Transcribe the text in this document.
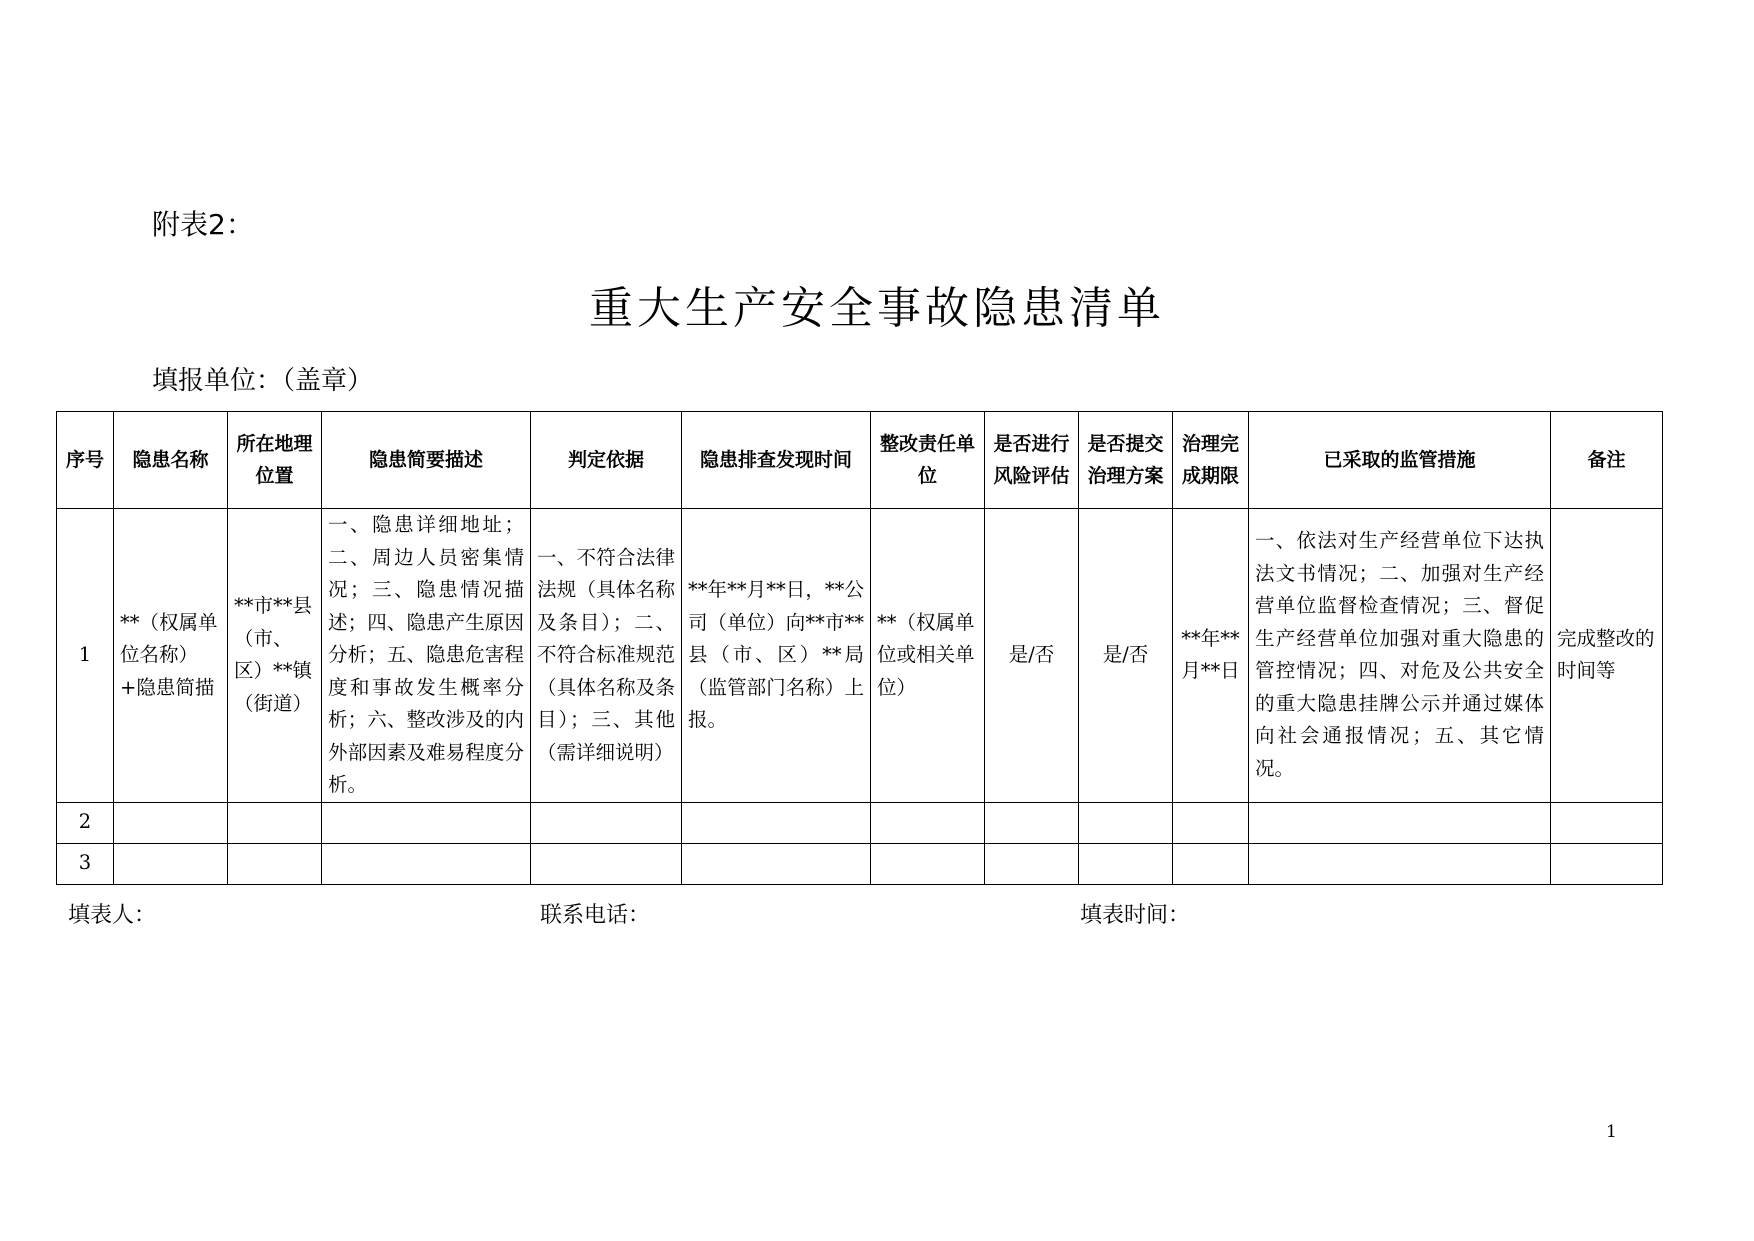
附表2：
重大生产安全事故隐患清单
填报单位：（盖章）
序号	隐患名称	所在地理位置	隐患简要描述	判定依据	隐患排查发现时间	整改责任单位	是否进行风险评估	是否提交治理方案	治理完成期限	已采取的监管措施	备注
1	**（权属单位名称）+隐患简描	**市**县（市、区）**镇（街道）	一、隐患详细地址；二、周边人员密集情况；三、隐患情况描述；四、隐患产生原因分析；五、隐患危害程度和事故发生概率分析；六、整改涉及的内外部因素及难易程度分析。	一、不符合法律法规（具体名称及条目）；二、不符合标准规范（具体名称及条目）；三、其他（需详细说明）	**年**月**日，**公司（单位）向**市**县（市、区）**局（监管部门名称）上报。	**（权属单位或相关单位）	是/否	是/否	**年**月**日	一、依法对生产经营单位下达执法文书情况；二、加强对生产经营单位监督检查情况；三、督促生产经营单位加强对重大隐患的管控情况；四、对危及公共安全的重大隐患挂牌公示并通过媒体向社会通报情况；五、其它情况。	完成整改的时间等
2											
3											
填表人：	联系电话：	填表时间：
1
